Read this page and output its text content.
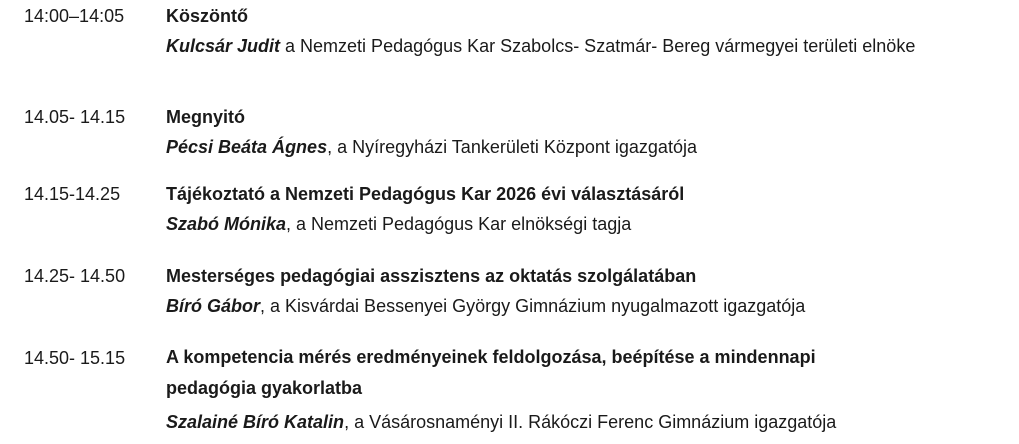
14:00–14:05	Köszöntő
Kulcsár Judit a Nemzeti Pedagógus Kar Szabolcs- Szatmár- Bereg vármegyei területi elnöke
14.05- 14.15	Megnyitó
Pécsi Beáta Ágnes, a Nyíregyházi Tankerületi Központ igazgatója
14.15-14.25	Tájékoztató a Nemzeti Pedagógus Kar 2026 évi választásáról
Szabó Mónika, a Nemzeti Pedagógus Kar elnökségi tagja
14.25- 14.50	Mesterséges pedagógiai asszisztens az oktatás szolgálatában
Bíró Gábor, a Kisvárdai Bessenyei György Gimnázium nyugalmazott igazgatója
14.50- 15.15	A kompetencia mérés eredményeinek feldolgozása, beépítése a mindennapi pedagógia gyakorlatba
Szalainé Bíró Katalin, a Vásárosnaményi II. Rákóczi Ferenc Gimnázium igazgatója
